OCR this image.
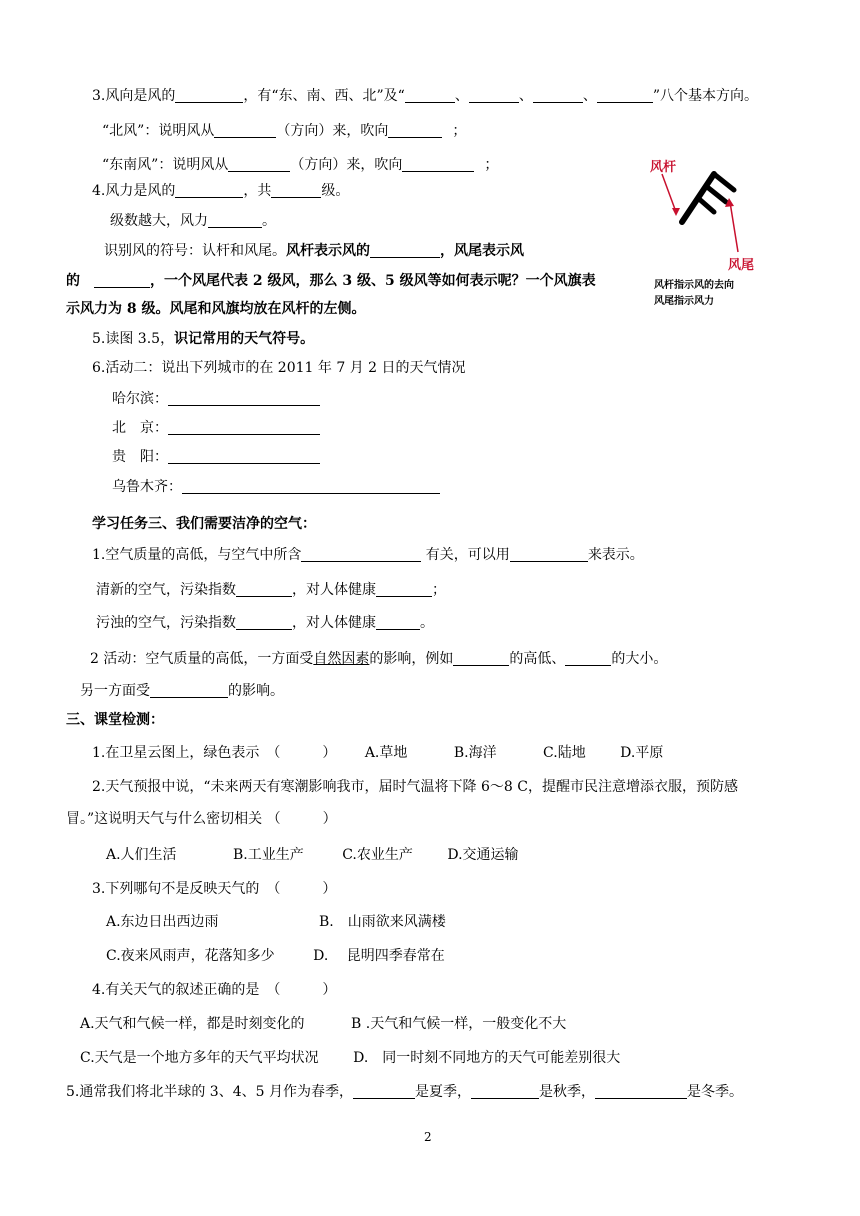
3.风向是风的	，有“东、南、西、北”及“	、	、	、	”八个基本方向。
“北风”：说明风从	（方向）来，吹向	；
“东南风”：说明风从	（方向）来，吹向	；
4.风力是风的	，共	级。
级数越大，风力	。
识别风的符号：认杆和风尾。风杆表示风的	，风尾表示风
的	，一个风尾代表 2 级风，那么 3 级、5 级风等如何表示呢？一个风旗表
示风力为 8 级。风尾和风旗均放在风杆的左侧。
5.读图 3.5，识记常用的天气符号。
6.活动二：说出下列城市的在 2011 年 7 月 2 日的天气情况
哈尔滨：
北　京：
贵　阳：
乌鲁木齐：
风杆
风尾
风杆指示风的去向
风尾指示风力
学习任务三、我们需要洁净的空气：
1.空气质量的高低，与空气中所含	有关，可以用	来表示。
清新的空气，污染指数	，对人体健康	；
污浊的空气，污染指数	，对人体健康	。
2 活动：空气质量的高低，一方面受自然因素的影响，例如	的高低、	的大小。
另一方面受	的影响。
三、课堂检测：
1.在卫星云图上，绿色表示　（　　　） A.草地	B.海洋	C.陆地 D.平原
2.天气预报中说，“未来两天有寒潮影响我市，届时气温将下降 6～8 C，提醒市民注意增添衣服，预防感
冒。”这说明天气与什么密切相关 （　　　）
A.人们生活	B.工业生产	C.农业生产 D.交通运输
3.下列哪句不是反映天气的　（　　　）
A.东边日出西边雨	B.　山雨欲来风满楼
C.夜来风雨声，花落知多少	D.　 昆明四季春常在
4.有关天气的叙述正确的是　（　　　）
A.天气和气候一样，都是时刻变化的	B .天气和气候一样，一般变化不大
C.天气是一个地方多年的天气平均状况 D.　同一时刻不同地方的天气可能差别很大
5.通常我们将北半球的 3、4、5 月作为春季，	是夏季，	是秋季，	是冬季。
2
